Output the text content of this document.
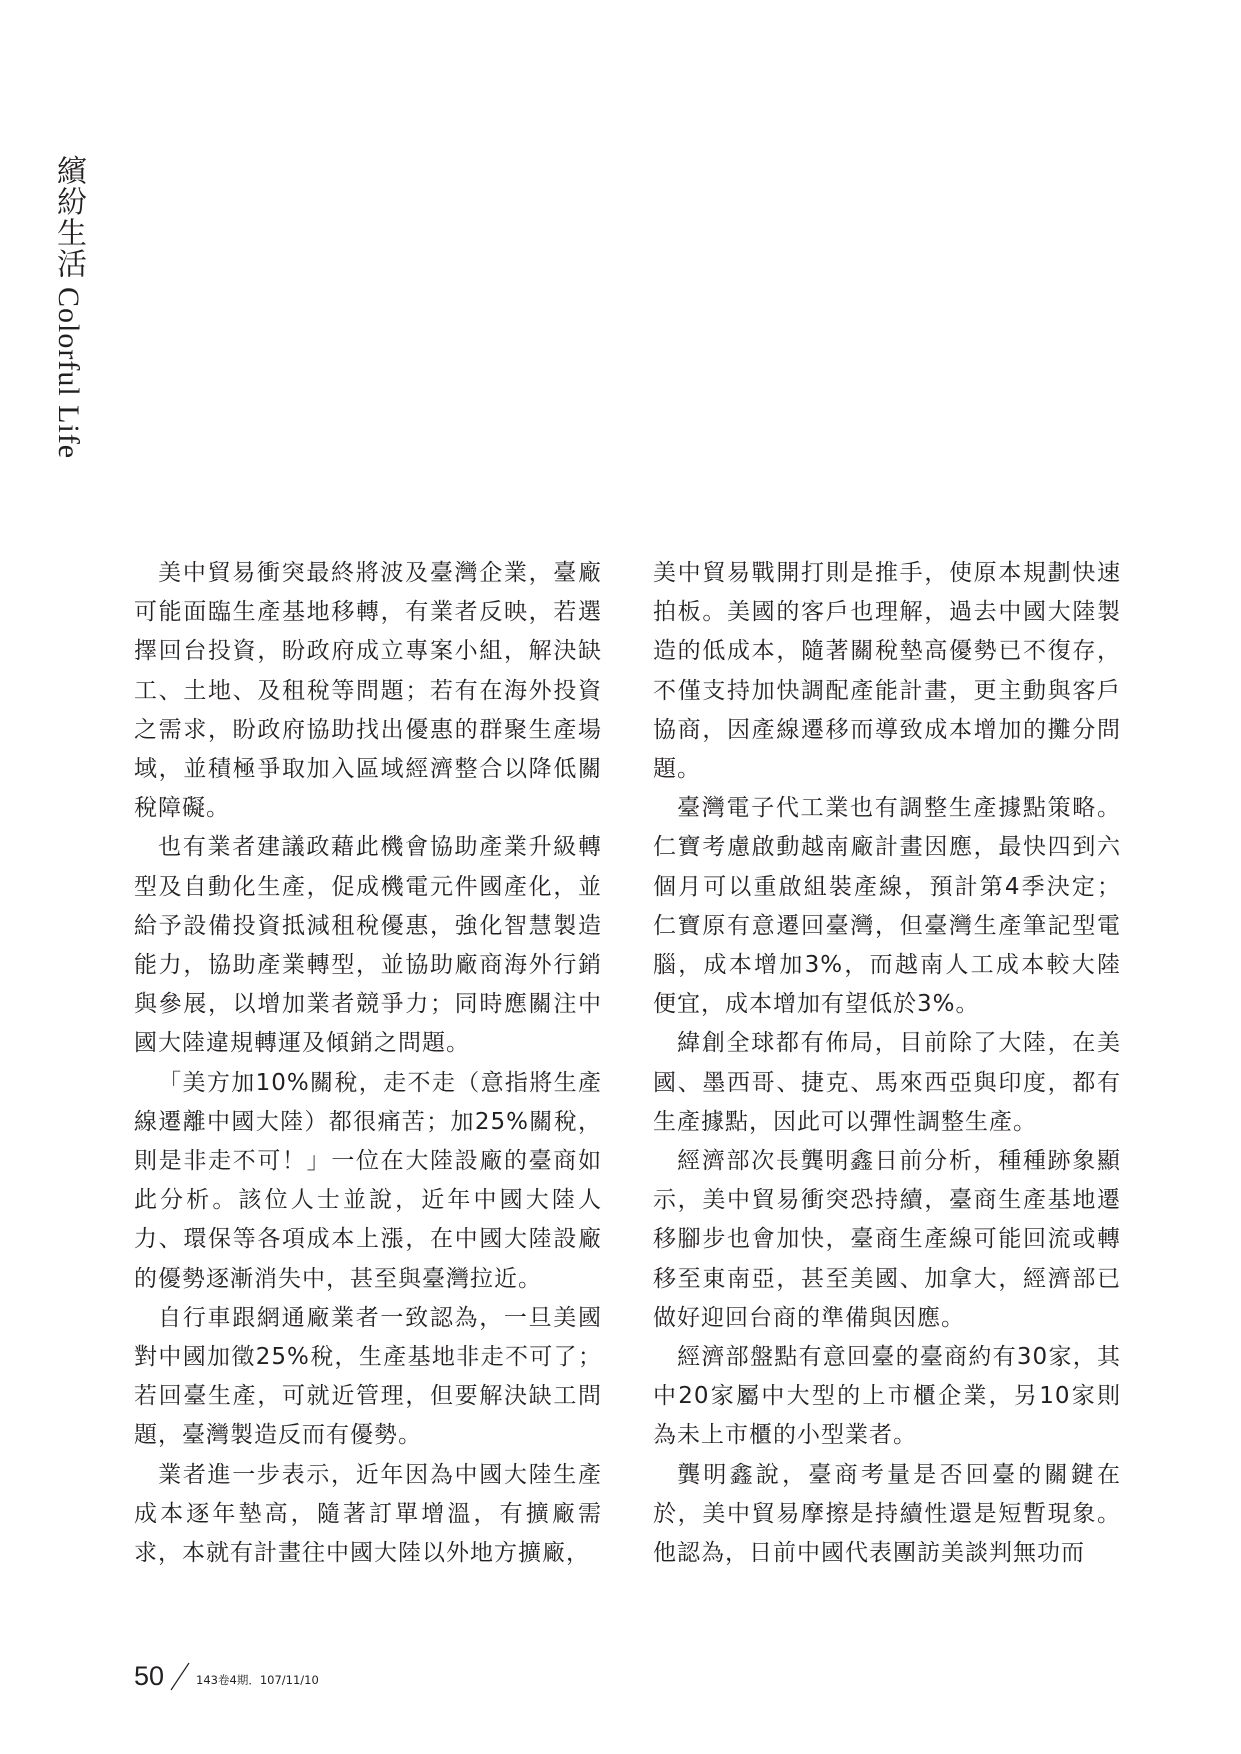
繽紛生活Colorful Life

美中貿易衝突最終將波及臺灣企業，臺廠可能面臨生產基地移轉，有業者反映，若選擇回台投資，盼政府成立專案小組，解決缺工、土地、及租稅等問題；若有在海外投資之需求，盼政府協助找出優惠的群聚生產場域，並積極爭取加入區域經濟整合以降低關稅障礙。

也有業者建議政藉此機會協助產業升級轉型及自動化生產，促成機電元件國產化，並給予設備投資抵減租稅優惠，強化智慧製造能力，協助產業轉型，並協助廠商海外行銷與參展，以增加業者競爭力；同時應關注中國大陸違規轉運及傾銷之問題。

「美方加10%關稅，走不走（意指將生產線遷離中國大陸）都很痛苦；加25%關稅，則是非走不可！」一位在大陸設廠的臺商如此分析。該位人士並說，近年中國大陸人力、環保等各項成本上漲，在中國大陸設廠的優勢逐漸消失中，甚至與臺灣拉近。

自行車跟網通廠業者一致認為，一旦美國對中國加徵25%稅，生產基地非走不可了；若回臺生產，可就近管理，但要解決缺工問題，臺灣製造反而有優勢。

業者進一步表示，近年因為中國大陸生產成本逐年墊高，隨著訂單增溫，有擴廠需求，本就有計畫往中國大陸以外地方擴廠，

美中貿易戰開打則是推手，使原本規劃快速拍板。美國的客戶也理解，過去中國大陸製造的低成本，隨著關稅墊高優勢已不復存，不僅支持加快調配產能計畫，更主動與客戶協商，因產線遷移而導致成本增加的攤分問題。

臺灣電子代工業也有調整生產據點策略。仁寶考慮啟動越南廠計畫因應，最快四到六個月可以重啟組裝產線，預計第4季決定；仁寶原有意遷回臺灣，但臺灣生產筆記型電腦，成本增加3%，而越南人工成本較大陸便宜，成本增加有望低於3%。

緯創全球都有佈局，目前除了大陸，在美國、墨西哥、捷克、馬來西亞與印度，都有生產據點，因此可以彈性調整生產。

經濟部次長龔明鑫日前分析，種種跡象顯示，美中貿易衝突恐持續，臺商生產基地遷移腳步也會加快，臺商生產線可能回流或轉移至東南亞，甚至美國、加拿大，經濟部已做好迎回台商的準備與因應。

經濟部盤點有意回臺的臺商約有30家，其中20家屬中大型的上市櫃企業，另10家則為未上市櫃的小型業者。

龔明鑫說，臺商考量是否回臺的關鍵在於，美中貿易摩擦是持續性還是短暫現象。他認為，日前中國代表團訪美談判無功而

50	143卷4期．107/11/10
